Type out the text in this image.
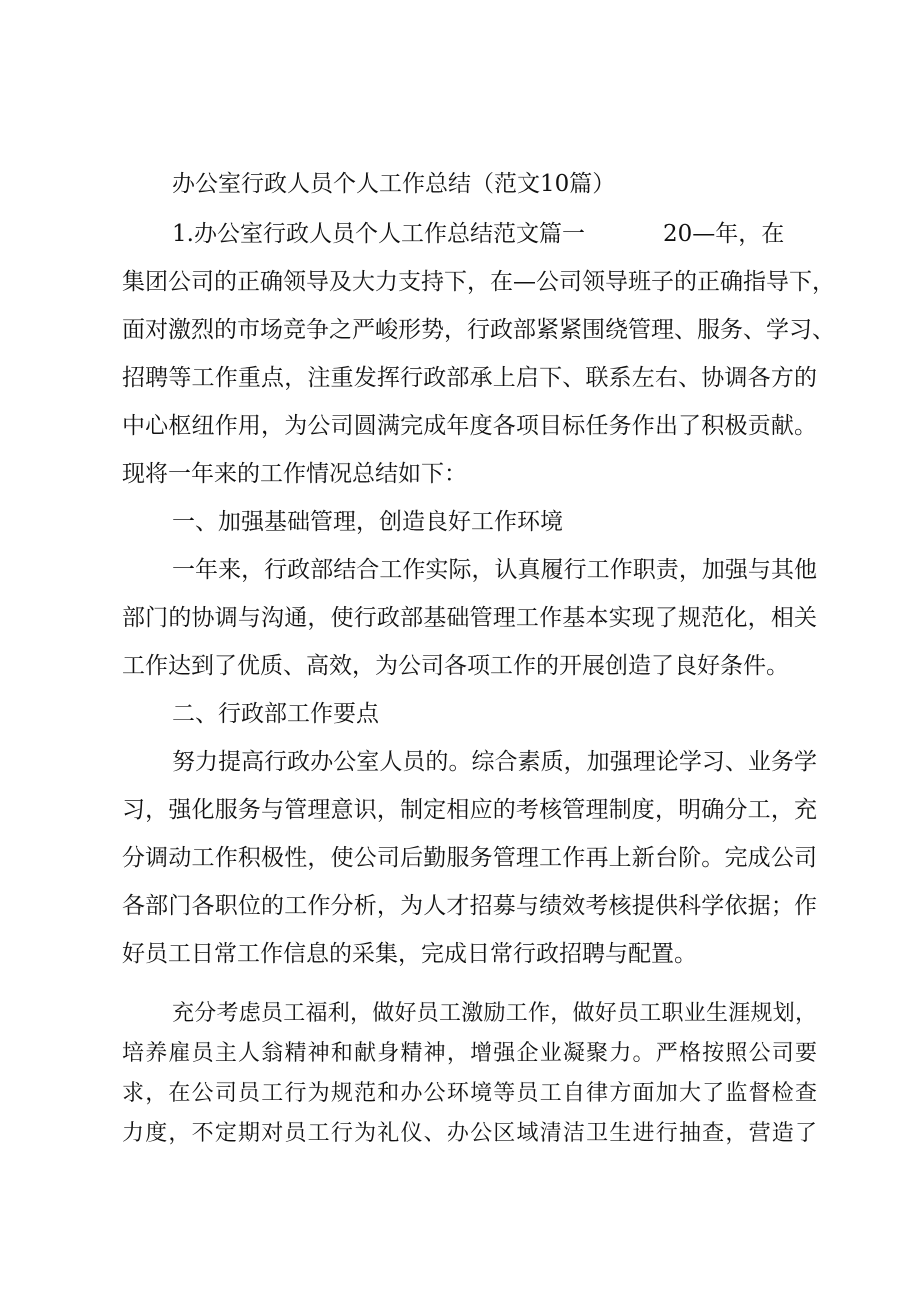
办公室行政人员个人工作总结（范文10篇）
1.办公室行政人员个人工作总结范文篇一	20—年，在
集团公司的正确领导及大力支持下，在—公司领导班子的正确指导下，
面对激烈的市场竞争之严峻形势，行政部紧紧围绕管理、服务、学习、
招聘等工作重点，注重发挥行政部承上启下、联系左右、协调各方的
中心枢纽作用，为公司圆满完成年度各项目标任务作出了积极贡献。
现将一年来的工作情况总结如下：
一、加强基础管理，创造良好工作环境
一年来，行政部结合工作实际，认真履行工作职责，加强与其他
部门的协调与沟通，使行政部基础管理工作基本实现了规范化，相关
工作达到了优质、高效，为公司各项工作的开展创造了良好条件。
二、行政部工作要点
努力提高行政办公室人员的。综合素质，加强理论学习、业务学
习，强化服务与管理意识，制定相应的考核管理制度，明确分工，充
分调动工作积极性，使公司后勤服务管理工作再上新台阶。完成公司
各部门各职位的工作分析，为人才招募与绩效考核提供科学依据；作
好员工日常工作信息的采集，完成日常行政招聘与配置。
充分考虑员工福利，做好员工激励工作，做好员工职业生涯规划，
培养雇员主人翁精神和献身精神，增强企业凝聚力。严格按照公司要
求，在公司员工行为规范和办公环境等员工自律方面加大了监督检查
力度，不定期对员工行为礼仪、办公区域清洁卫生进行抽查，营造了
